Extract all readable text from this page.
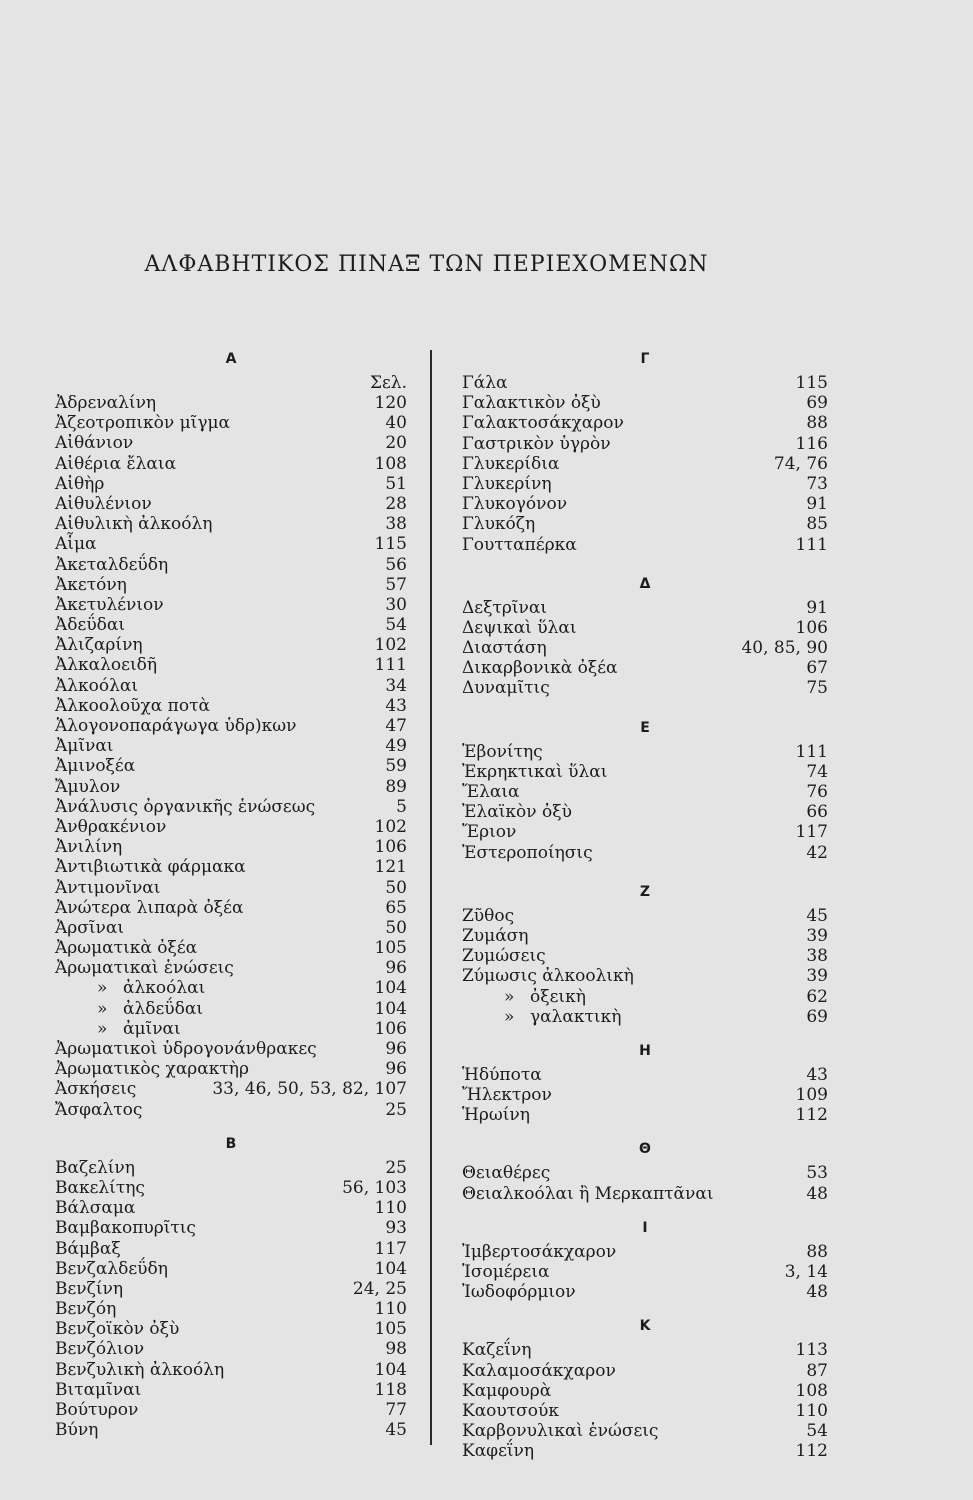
ΑΛΦΑΒΗΤΙΚΟΣ ΠΙΝΑΞ ΤΩΝ ΠΕΡΙΕΧΟΜΕΝΩΝ
Α
Σελ.
Ἀδρεναλίνη	120
Ἀζεοτροπικὸν μῖγμα	40
Αἰθάνιον	20
Αἰθέρια ἔλαια	108
Αἰθὴρ	51
Αἰθυλένιον	28
Αἰθυλικὴ ἀλκοόλη	38
Αἷμα	115
Ἀκεταλδεΰδη	56
Ἀκετόνη	57
Ἀκετυλένιον	30
Ἀδεΰδαι	54
Ἀλιζαρίνη	102
Ἀλκαλοειδῆ	111
Ἀλκοόλαι	34
Ἀλκοολοῦχα ποτὰ	43
Ἁλογονοπαράγωγα ὑδρ)κων	47
Ἀμῖναι	49
Ἀμινοξέα	59
Ἄμυλον	89
Ἀνάλυσις ὀργανικῆς ἑνώσεως	5
Ἀνθρακένιον	102
Ἀνιλίνη	106
Ἀντιβιωτικὰ φάρμακα	121
Ἀντιμονῖναι	50
Ἀνώτερα λιπαρὰ ὀξέα	65
Ἀρσῖναι	50
Ἀρωματικὰ ὀξέα	105
Ἀρωματικαὶ ἑνώσεις	96
» ἀλκοόλαι	104
» ἀλδεΰδαι	104
» ἀμῖναι	106
Ἀρωματικοὶ ὑδρογονάνθρακες	96
Ἀρωματικὸς χαρακτὴρ	96
Ἀσκήσεις	33, 46, 50, 53, 82, 107
Ἄσφαλτος	25
Β
Βαζελίνη	25
Βακελίτης	56, 103
Βάλσαμα	110
Βαμβακοπυρῖτις	93
Βάμβαξ	117
Βενζαλδεΰδη	104
Βενζίνη	24, 25
Βενζόη	110
Βενζοϊκὸν ὀξὺ	105
Βενζόλιον	98
Βενζυλικὴ ἀλκοόλη	104
Βιταμῖναι	118
Βούτυρον	77
Βύνη	45
Γ
Γάλα	115
Γαλακτικὸν ὀξὺ	69
Γαλακτοσάκχαρον	88
Γαστρικὸν ὑγρὸν	116
Γλυκερίδια	74, 76
Γλυκερίνη	73
Γλυκογόνον	91
Γλυκόζη	85
Γουτταπέρκα	111
Δ
Δεξτρῖναι	91
Δεψικαὶ ὕλαι	106
Διαστάση	40, 85, 90
Δικαρβονικὰ ὀξέα	67
Δυναμῖτις	75
Ε
Ἐβονίτης	111
Ἐκρηκτικαὶ ὕλαι	74
Ἔλαια	76
Ἐλαϊκὸν ὀξὺ	66
Ἔριον	117
Ἐστεροποίησις	42
Ζ
Ζῦθος	45
Ζυμάση	39
Ζυμώσεις	38
Ζύμωσις ἀλκοολικὴ	39
» ὀξεικὴ	62
» γαλακτικὴ	69
Η
Ἡδύποτα	43
Ἤλεκτρον	109
Ἡρωίνη	112
Θ
Θειαθέρες	53
Θειαλκοόλαι ἢ Μερκαπτᾶναι	48
Ι
Ἰμβερτοσάκχαρον	88
Ἰσομέρεια	3, 14
Ἰωδοφόρμιον	48
Κ
Καζεΐνη	113
Καλαμοσάκχαρον	87
Καμφουρὰ	108
Καουτσούκ	110
Καρβονυλικαὶ ἑνώσεις	54
Καφεΐνη	112
